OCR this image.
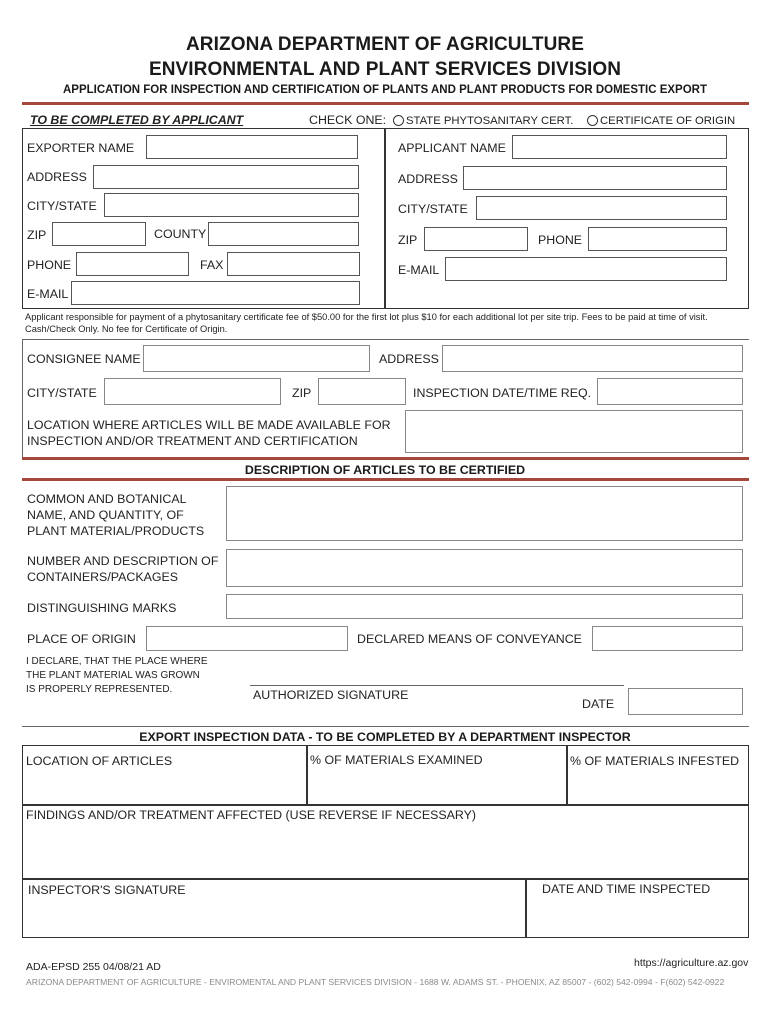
ARIZONA DEPARTMENT OF AGRICULTURE
ENVIRONMENTAL AND PLANT SERVICES DIVISION
APPLICATION FOR INSPECTION AND CERTIFICATION OF PLANTS AND PLANT PRODUCTS FOR DOMESTIC EXPORT
TO BE COMPLETED BY APPLICANT	CHECK ONE: STATE PHYTOSANITARY CERT. CERTIFICATE OF ORIGIN
EXPORTER NAME
ADDRESS
CITY/STATE
ZIP	COUNTY
PHONE	FAX
E-MAIL
APPLICANT NAME
ADDRESS
CITY/STATE
ZIP	PHONE
E-MAIL
Applicant responsible for payment of a phytosanitary certificate fee of $50.00 for the first lot plus $10 for each additional lot per site trip. Fees to be paid at time of visit. Cash/Check Only. No fee for Certificate of Origin.
CONSIGNEE NAME	ADDRESS
CITY/STATE	ZIP	INSPECTION DATE/TIME REQ.
LOCATION WHERE ARTICLES WILL BE MADE AVAILABLE FOR
INSPECTION AND/OR TREATMENT AND CERTIFICATION
DESCRIPTION OF ARTICLES TO BE CERTIFIED
COMMON AND BOTANICAL
NAME, AND QUANTITY, OF
PLANT MATERIAL/PRODUCTS
NUMBER AND DESCRIPTION OF
CONTAINERS/PACKAGES
DISTINGUISHING MARKS
PLACE OF ORIGIN	DECLARED MEANS OF CONVEYANCE
I DECLARE, THAT THE PLACE WHERE
THE PLANT MATERIAL WAS GROWN
IS PROPERLY REPRESENTED.	AUTHORIZED SIGNATURE
DATE
EXPORT INSPECTION DATA - TO BE COMPLETED BY A DEPARTMENT INSPECTOR
LOCATION OF ARTICLES	% OF MATERIALS EXAMINED	% OF MATERIALS INFESTED
FINDINGS AND/OR TREATMENT AFFECTED (USE REVERSE IF NECESSARY)
INSPECTOR'S SIGNATURE	DATE AND TIME INSPECTED
ADA-EPSD 255 04/08/21 AD	https://agriculture.az.gov
ARIZONA DEPARTMENT OF AGRICULTURE - ENVIROMENTAL AND PLANT SERVICES DIVISION - 1688 W. ADAMS ST. - PHOENIX, AZ 85007 - (602) 542-0994 - F(602) 542-0922
